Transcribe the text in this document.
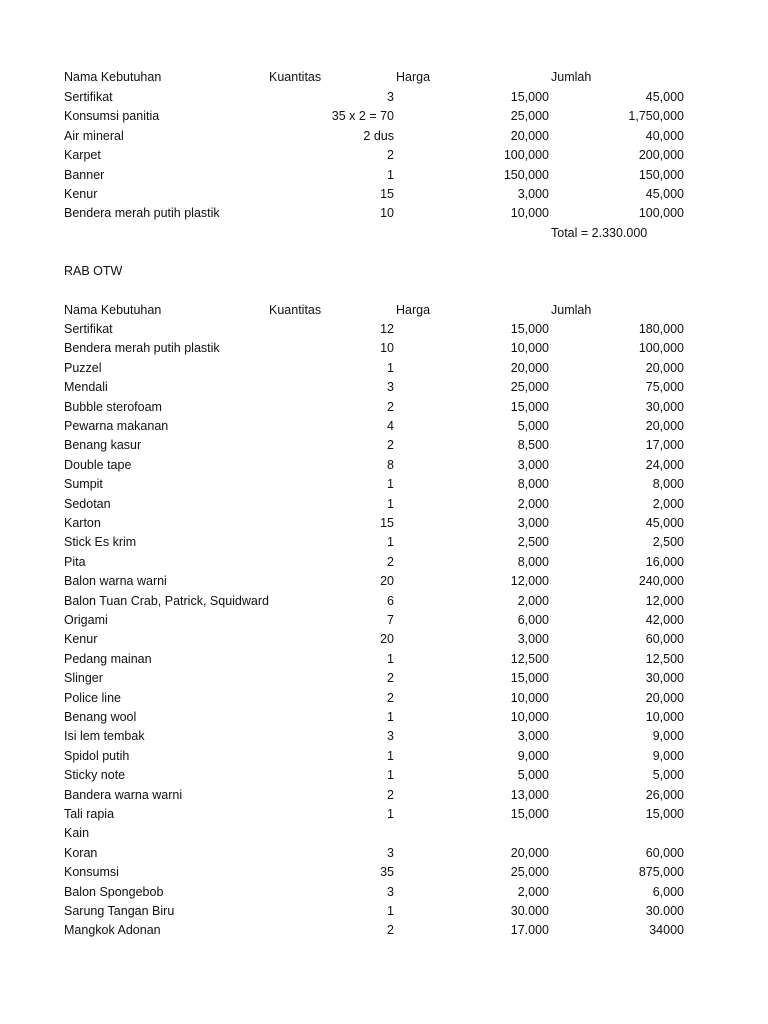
Nama Kebutuhan	Kuantitas	Harga	Jumlah
Sertifikat	3	15,000	45,000
Konsumsi panitia	35 x 2 = 70	25,000	1,750,000
Air mineral	2 dus	20,000	40,000
Karpet	2	100,000	200,000
Banner	1	150,000	150,000
Kenur	15	3,000	45,000
Bendera merah putih plastik	10	10,000	100,000
Total = 2.330.000
RAB OTW
Nama Kebutuhan	Kuantitas	Harga	Jumlah
Sertifikat	12	15,000	180,000
Bendera merah putih plastik	10	10,000	100,000
Puzzel	1	20,000	20,000
Mendali	3	25,000	75,000
Bubble sterofoam	2	15,000	30,000
Pewarna makanan	4	5,000	20,000
Benang kasur	2	8,500	17,000
Double tape	8	3,000	24,000
Sumpit	1	8,000	8,000
Sedotan	1	2,000	2,000
Karton	15	3,000	45,000
Stick Es krim	1	2,500	2,500
Pita	2	8,000	16,000
Balon warna warni	20	12,000	240,000
Balon Tuan Crab, Patrick, Squidward	6	2,000	12,000
Origami	7	6,000	42,000
Kenur	20	3,000	60,000
Pedang mainan	1	12,500	12,500
Slinger	2	15,000	30,000
Police line	2	10,000	20,000
Benang wool	1	10,000	10,000
Isi lem tembak	3	3,000	9,000
Spidol putih	1	9,000	9,000
Sticky note	1	5,000	5,000
Bandera warna warni	2	13,000	26,000
Tali rapia	1	15,000	15,000
Kain
Koran	3	20,000	60,000
Konsumsi	35	25,000	875,000
Balon Spongebob	3	2,000	6,000
Sarung Tangan Biru	1	30.000	30.000
Mangkok Adonan	2	17.000	34000
